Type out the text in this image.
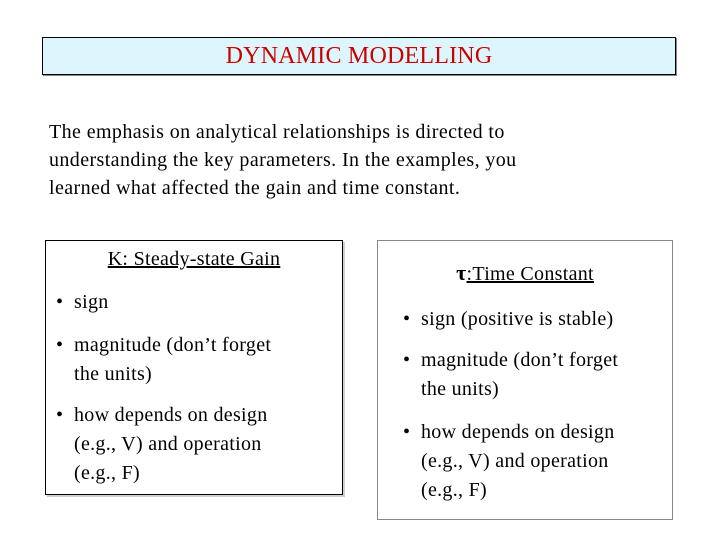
DYNAMIC MODELLING

The emphasis on analytical relationships is directed to
understanding the key parameters. In the examples, you
learned what affected the gain and time constant.

K: Steady-state Gain
• sign
• magnitude (don’t forget
the units)
• how depends on design
(e.g., V) and operation
(e.g., F)
τ:Time Constant
• sign (positive is stable)
• magnitude (don’t forget
the units)
• how depends on design
(e.g., V) and operation
(e.g., F)
